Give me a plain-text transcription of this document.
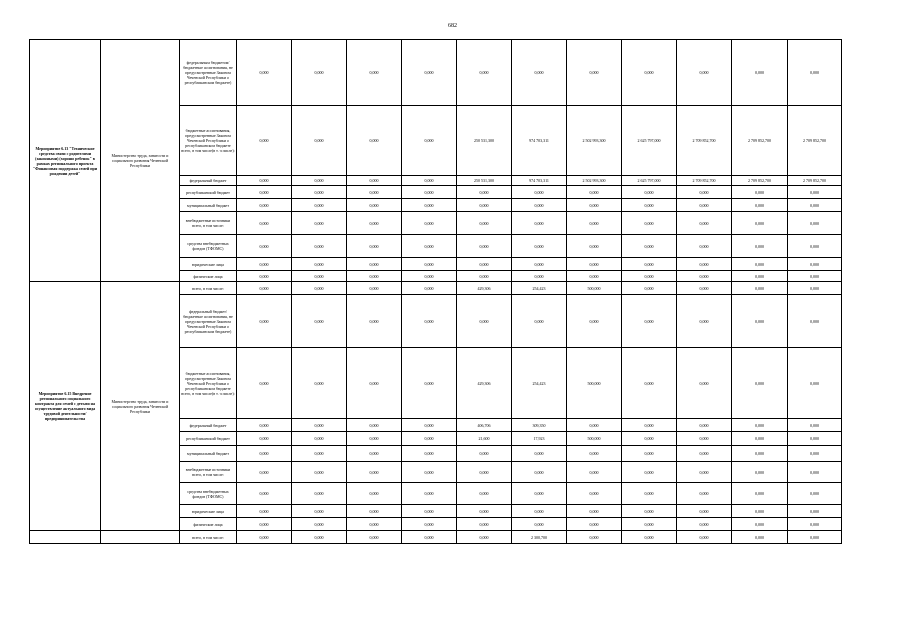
682
Мероприятие 6.13 "Технические средства связи с родителями (законными) (хорошо ребенок" в рамках регионального проекта "Финансовая поддержка семей при рождении детей"	Министерство труда, занятости и социального развития Чеченской Республики	федеральным бюджетом/бюджетные ассигнования, не предусмотренные Законом Чеченской Республики о республиканском бюджете)	0,000	0,000	0,000	0,000	0,000	0,000	0,000	0,000	0,000	0,000	0,000
		бюджетные ассигнования, предусмотренные Законом Чеченской Республики о республиканском бюджете всего, в том числе(в т. ч.числе):	0,000	0,000	0,000	0,000	250 531,300	974 703,311	2 502 993,300	2 625 797,000	2 709 852,700	2 709 852,700	2 709 852,700
		федеральный бюджет	0,000	0,000	0,000	0,000	250 531,300	974 703,311	2 502 993,300	2 625 797,000	2 709 852,700	2 709 852,700	2 709 852,700
		республиканский бюджет	0,000	0,000	0,000	0,000	0,000	0,000	0,000	0,000	0,000	0,000	0,000
		муниципальный бюджет	0,000	0,000	0,000	0,000	0,000	0,000	0,000	0,000	0,000	0,000	0,000
		внебюджетные источники всего, в том числе:	0,000	0,000	0,000	0,000	0,000	0,000	0,000	0,000	0,000	0,000	0,000
		средства внебюджетных фондов (ТФОМС)	0,000	0,000	0,000	0,000	0,000	0,000	0,000	0,000	0,000	0,000	0,000
		юридические лица	0,000	0,000	0,000	0,000	0,000	0,000	0,000	0,000	0,000	0,000	0,000
		физические лица	0,000	0,000	0,000	0,000	0,000	0,000	0,000	0,000	0,000	0,000	0,000
Мероприятие 6.15 Внедрение регионального социального контракта для семей с детьми на осуществление актуального вида трудовой деятельности/предпринимательства	Министерство труда, занятости и социального развития Чеченской Республики	всего, в том числе:	0,000	0,000	0,000	0,000	429,306	254,423	500,000	0,000	0,000	0,000	0,000
		федеральный бюджет/бюджетные ассигнования, не предусмотренные Законом Чеченской Республики о республиканском бюджете)	0,000	0,000	0,000	0,000	0,000	0,000	0,000	0,000	0,000	0,000	0,000
		бюджетные ассигнования, предусмотренные Законом Чеченской Республики о республиканском бюджете всего, в том числе(в т. ч.числе):	0,000	0,000	0,000	0,000	429,306	254,423	500,000	0,000	0,000	0,000	0,000
		федеральный бюджет	0,000	0,000	0,000	0,000	406,706	309,350	0,000	0,000	0,000	0,000	0,000
		республиканский бюджет	0,000	0,000	0,000	0,000	21,600	17,923	500,000	0,000	0,000	0,000	0,000
		муниципальный бюджет	0,000	0,000	0,000	0,000	0,000	0,000	0,000	0,000	0,000	0,000	0,000
		внебюджетные источники всего, в том числе:	0,000	0,000	0,000	0,000	0,000	0,000	0,000	0,000	0,000	0,000	0,000
		средства внебюджетных фондов (ТФОМС)	0,000	0,000	0,000	0,000	0,000	0,000	0,000	0,000	0,000	0,000	0,000
		юридические лица	0,000	0,000	0,000	0,000	0,000	0,000	0,000	0,000	0,000	0,000	0,000
		физические лица	0,000	0,000	0,000	0,000	0,000	0,000	0,000	0,000	0,000	0,000	0,000
		всего, в том числе:	0,000	0,000	0,000	0,000	0,000	2 300,700	0,000	0,000	0,000	0,000	0,000
